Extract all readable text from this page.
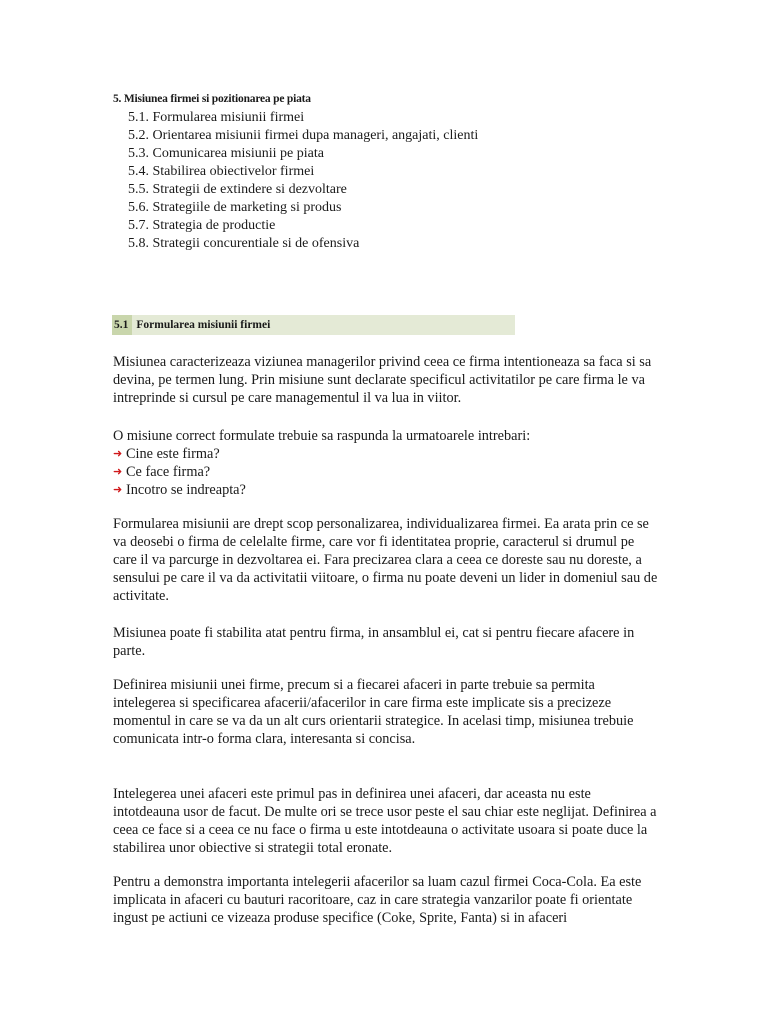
5. Misiunea firmei si pozitionarea pe piata
5.1. Formularea misiunii firmei
5.2. Orientarea misiunii firmei dupa manageri, angajati, clienti
5.3. Comunicarea misiunii pe piata
5.4. Stabilirea obiectivelor firmei
5.5. Strategii de extindere si dezvoltare
5.6. Strategiile de marketing si produs
5.7. Strategia de productie
5.8. Strategii concurentiale si de ofensiva
5.1 Formularea misiunii firmei

Misiunea caracterizeaza viziunea managerilor privind ceea ce firma intentioneaza sa faca si sa devina, pe termen lung. Prin misiune sunt declarate specificul activitatilor pe care firma le va intreprinde si cursul pe care managementul il va lua in viitor.

O misiune correct formulate trebuie sa raspunda la urmatoarele intrebari:

➜ Cine este firma?
➜ Ce face firma?
➜ Incotro se indreapta?

Formularea misiunii are drept scop personalizarea, individualizarea firmei. Ea arata prin ce se va deosebi o firma de celelalte firme, care vor fi identitatea proprie, caracterul si drumul pe care il va parcurge in dezvoltarea ei. Fara precizarea clara a ceea ce doreste sau nu doreste, a sensului pe care il va da activitatii viitoare, o firma nu poate deveni un lider in domeniul sau de activitate.

Misiunea poate fi stabilita atat pentru firma, in ansamblul ei, cat si pentru fiecare afacere in parte.

Definirea misiunii unei firme, precum si a fiecarei afaceri in parte trebuie sa permita intelegerea si specificarea afacerii/afacerilor in care firma este implicate sis a precizeze momentul in care se va da un alt curs orientarii strategice. In acelasi timp, misiunea trebuie comunicata intr-o forma clara, interesanta si concisa.

Intelegerea unei afaceri este primul pas in definirea unei afaceri, dar aceasta nu este intotdeauna usor de facut. De multe ori se trece usor peste el sau chiar este neglijat. Definirea a ceea ce face si a ceea ce nu face o firma u este intotdeauna o activitate usoara si poate duce la stabilirea unor obiective si strategii total eronate.

Pentru a demonstra importanta intelegerii afacerilor sa luam cazul firmei Coca-Cola. Ea este implicata in afaceri cu bauturi racoritoare, caz in care strategia vanzarilor poate fi orientate ingust pe actiuni ce vizeaza produse specifice (Coke, Sprite, Fanta) si in afaceri
